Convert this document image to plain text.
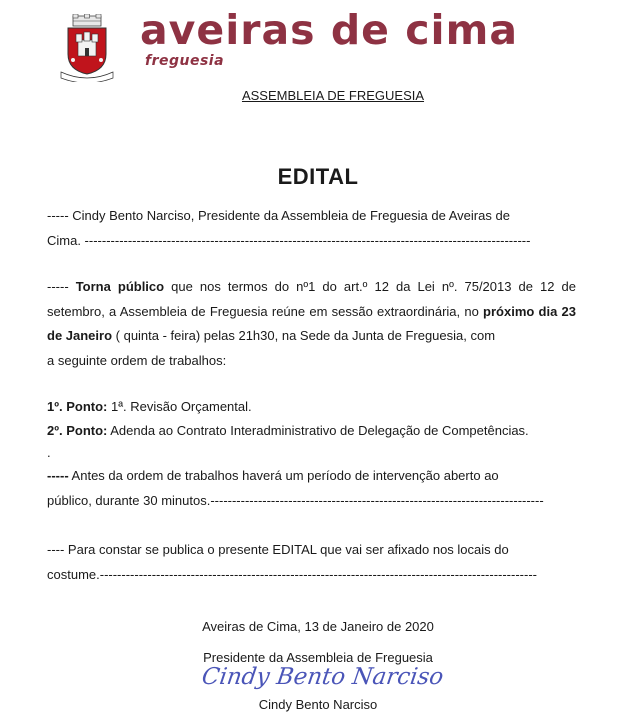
aveiras de cima
freguesia
ASSEMBLEIA DE FREGUESIA
EDITAL
----- Cindy Bento Narciso, Presidente da Assembleia de Freguesia de Aveiras de
Cima. -------------------------------------------------------------------------------------------------------
----- Torna público que nos termos do nº1 do art.º 12 da Lei nº. 75/2013 de 12 de setembro, a Assembleia de Freguesia reúne em sessão extraordinária, no próximo dia 23 de Janeiro ( quinta - feira) pelas 21h30, na Sede da Junta de Freguesia, com
a seguinte ordem de trabalhos:
1º. Ponto: 1ª. Revisão Orçamental.
2º. Ponto: Adenda ao Contrato Interadministrativo de Delegação de Competências.
.
----- Antes da ordem de trabalhos haverá um período de intervenção aberto ao
público, durante 30 minutos.-----------------------------------------------------------------------------
---- Para constar se publica o presente EDITAL que vai ser afixado nos locais do
costume.-----------------------------------------------------------------------------------------------------
Aveiras de Cima, 13 de Janeiro de 2020
Presidente da Assembleia de Freguesia
Cindy Bento Narciso
Cindy Bento Narciso
